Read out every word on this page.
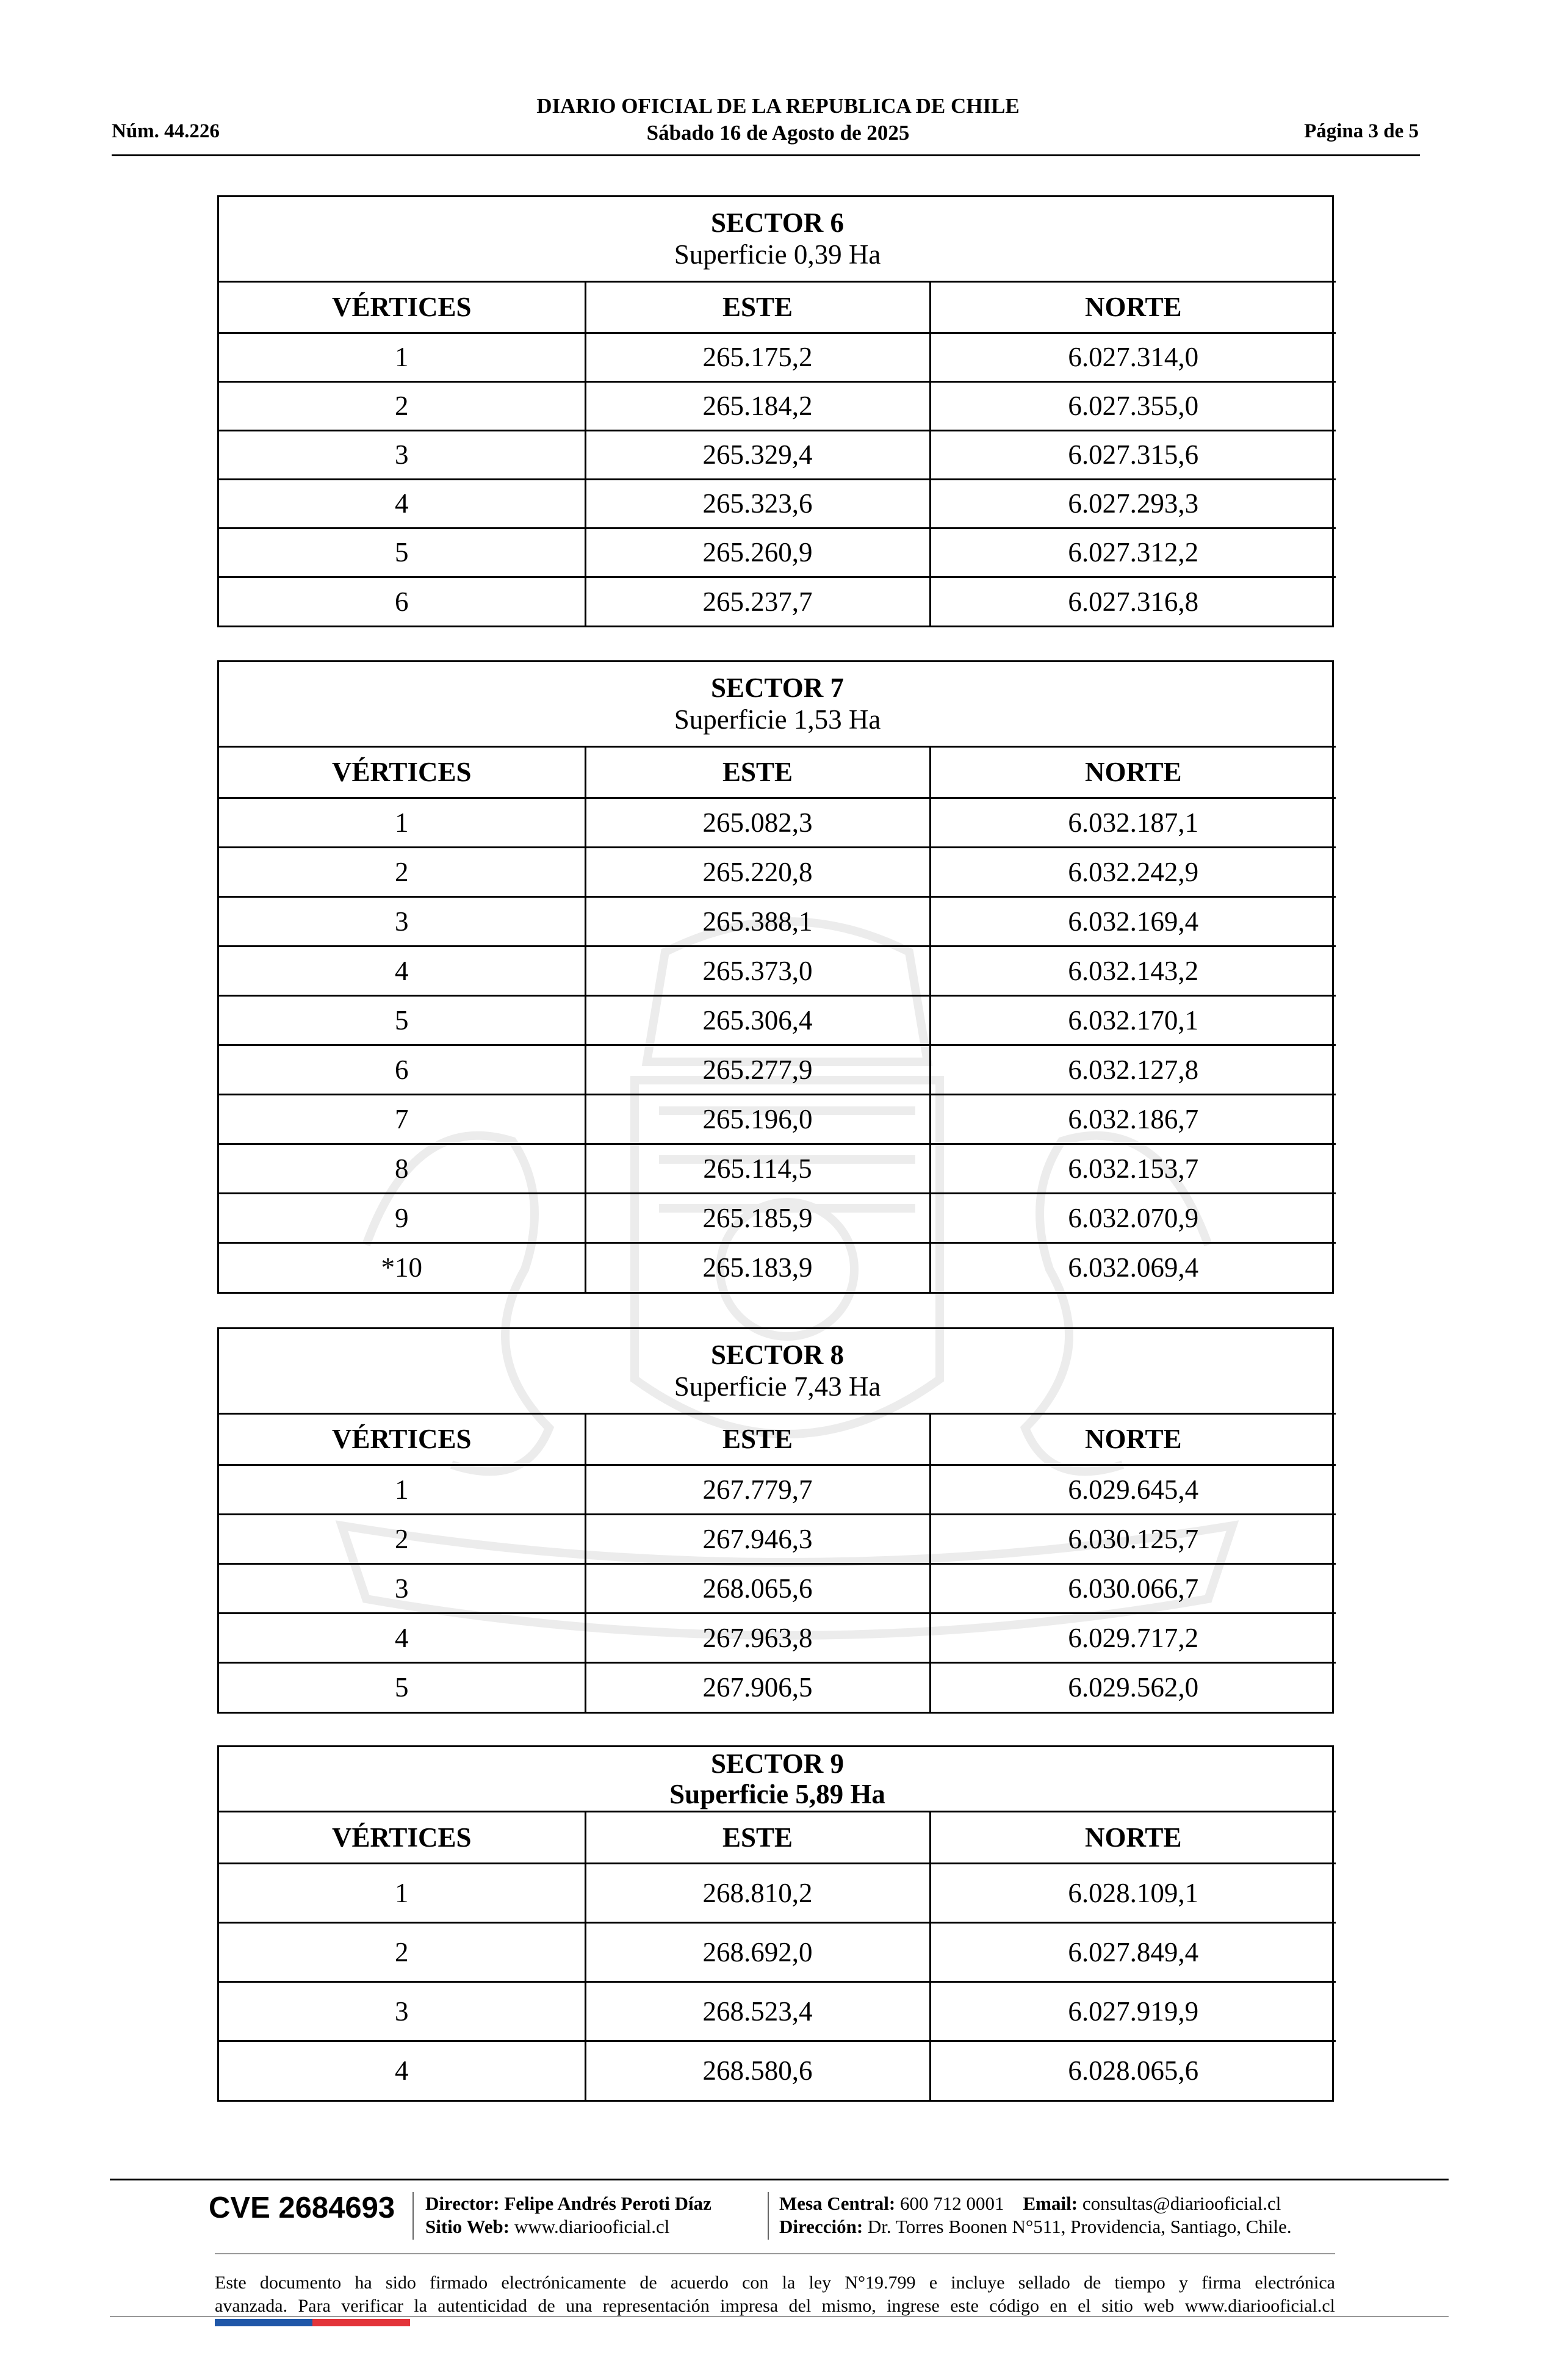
Núm. 44.226
DIARIO OFICIAL DE LA REPUBLICA DE CHILE
Sábado 16 de Agosto de 2025	Página 3 de 5
SECTOR 6
Superficie 0,39 Ha		

VÉRTICES	ESTE	NORTE
1	265.175,2	6.027.314,0
2	265.184,2	6.027.355,0
3	265.329,4	6.027.315,6
4	265.323,6	6.027.293,3
5	265.260,9	6.027.312,2
6	265.237,7	6.027.316,8
SECTOR 7
Superficie 1,53 Ha		

VÉRTICES	ESTE	NORTE
1	265.082,3	6.032.187,1
2	265.220,8	6.032.242,9
3	265.388,1	6.032.169,4
4	265.373,0	6.032.143,2
5	265.306,4	6.032.170,1
6	265.277,9	6.032.127,8
7	265.196,0	6.032.186,7
8	265.114,5	6.032.153,7
9	265.185,9	6.032.070,9
*10	265.183,9	6.032.069,4
SECTOR 8
Superficie 7,43 Ha		

VÉRTICES	ESTE	NORTE
1	267.779,7	6.029.645,4
2	267.946,3	6.030.125,7
3	268.065,6	6.030.066,7
4	267.963,8	6.029.717,2
5	267.906,5	6.029.562,0
SECTOR 9
Superficie 5,89 Ha		

VÉRTICES	ESTE	NORTE
1	268.810,2	6.028.109,1
2	268.692,0	6.027.849,4
3	268.523,4	6.027.919,9
4	268.580,6	6.028.065,6
CVE 2684693 Director: Felipe Andrés Peroti Díaz
Sitio Web: www.diariooficial.cl
Mesa Central: 600 712 0001 Email: consultas@diariooficial.cl
Dirección: Dr. Torres Boonen N°511, Providencia, Santiago, Chile.
Este documento ha sido firmado electrónicamente de acuerdo con la ley N°19.799 e incluye sellado de tiempo y firma electrónica
avanzada. Para verificar la autenticidad de una representación impresa del mismo, ingrese este código en el sitio web www.diariooficial.cl
